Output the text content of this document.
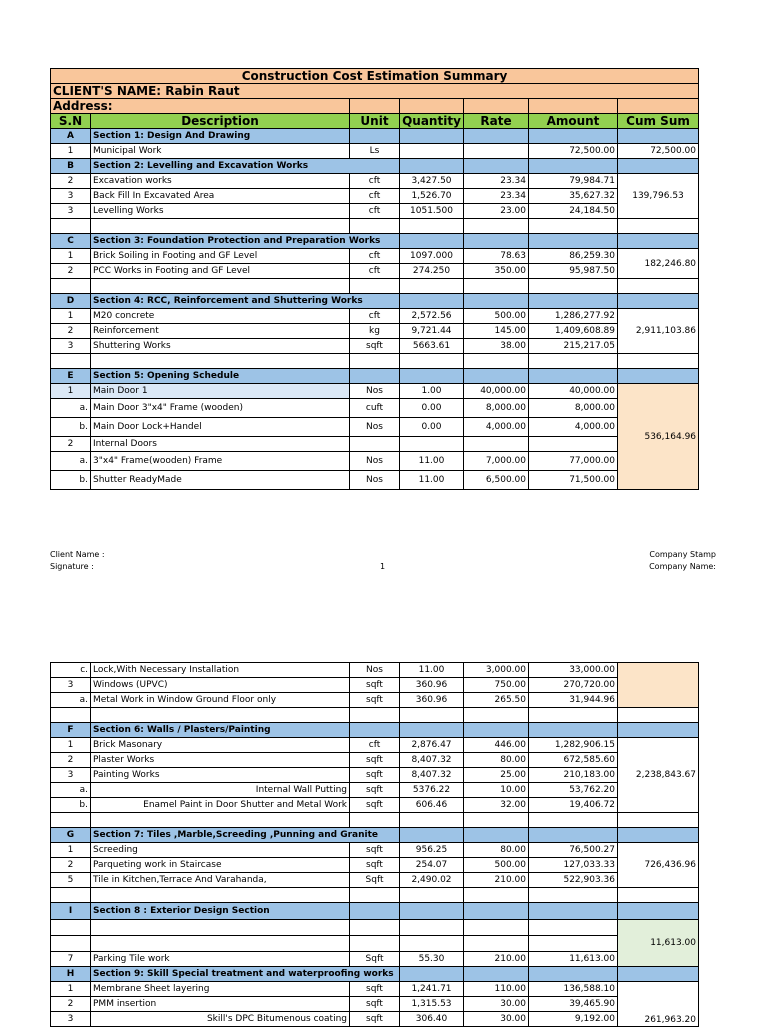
Construction Cost Estimation Summary						
CLIENT'S NAME: Rabin Raut						
Address:						
S.N	Description	Unit	Quantity	Rate	Amount	Cum Sum
A	Section 1: Design And Drawing					
1	Municipal Work	Ls			72,500.00	72,500.00
B	Section 2: Levelling and Excavation Works					
2	Excavation works	cft	3,427.50	23.34	79,984.71	139,796.53
3	Back Fill In Excavated Area	cft	1,526.70	23.34	35,627.32	
3	Levelling Works	cft	1051.500	23.00	24,184.50	

C	Section 3: Foundation Protection and Preparation Works					
1	Brick Soiling in Footing and GF Level	cft	1097.000	78.63	86,259.30	182,246.80
2	PCC Works in Footing and GF Level	cft	274.250	350.00	95,987.50	

D	Section 4: RCC, Reinforcement and Shuttering Works					
1	M20 concrete	cft	2,572.56	500.00	1,286,277.92	2,911,103.86
2	Reinforcement	kg	9,721.44	145.00	1,409,608.89	
3	Shuttering Works	sqft	5663.61	38.00	215,217.05	

E	Section 5: Opening Schedule					
1	Main Door 1	Nos	1.00	40,000.00	40,000.00	536,164.96
a.	Main Door 3"x4" Frame (wooden)	cuft	0.00	8,000.00	8,000.00	
b.	Main Door Lock+Handel	Nos	0.00	4,000.00	4,000.00	
2	Internal Doors					
a.	3"x4" Frame(wooden) Frame	Nos	11.00	7,000.00	77,000.00	
b.	Shutter ReadyMade	Nos	11.00	6,500.00	71,500.00	
Client Name :
Signature :	1
Company Stamp
Company Name:
c.	Lock,With Necessary Installation	Nos	11.00	3,000.00	33,000.00	
3	Windows (UPVC)	sqft	360.96	750.00	270,720.00	
a.	Metal Work in Window Ground Floor only	sqft	360.96	265.50	31,944.96	

F	Section 6: Walls / Plasters/Painting					
1	Brick Masonary	cft	2,876.47	446.00	1,282,906.15	2,238,843.67
2	Plaster Works	sqft	8,407.32	80.00	672,585.60	
3	Painting Works	sqft	8,407.32	25.00	210,183.00	
a.	Internal Wall Putting	sqft	5376.22	10.00	53,762.20	
b.	Enamel Paint in Door Shutter and Metal Work	sqft	606.46	32.00	19,406.72	

G	Section 7: Tiles ,Marble,Screeding ,Punning and Granite					
1	Screeding	sqft	956.25	80.00	76,500.27	726,436.96
2	Parqueting work in Staircase	sqft	254.07	500.00	127,033.33	
5	Tile in Kitchen,Terrace And Varahanda,	Sqft	2,490.02	210.00	522,903.36	

I	Section 8 : Exterior Design Section					
						11,613.00

7	Parking Tile work	Sqft	55.30	210.00	11,613.00	
H	Section 9: Skill Special treatment and waterproofing works					
1	Membrane Sheet layering	sqft	1,241.71	110.00	136,588.10	261,963.20
2	PMM insertion	sqft	1,315.53	30.00	39,465.90	
3	Skill's DPC Bitumenous coating	sqft	306.40	30.00	9,192.00	
